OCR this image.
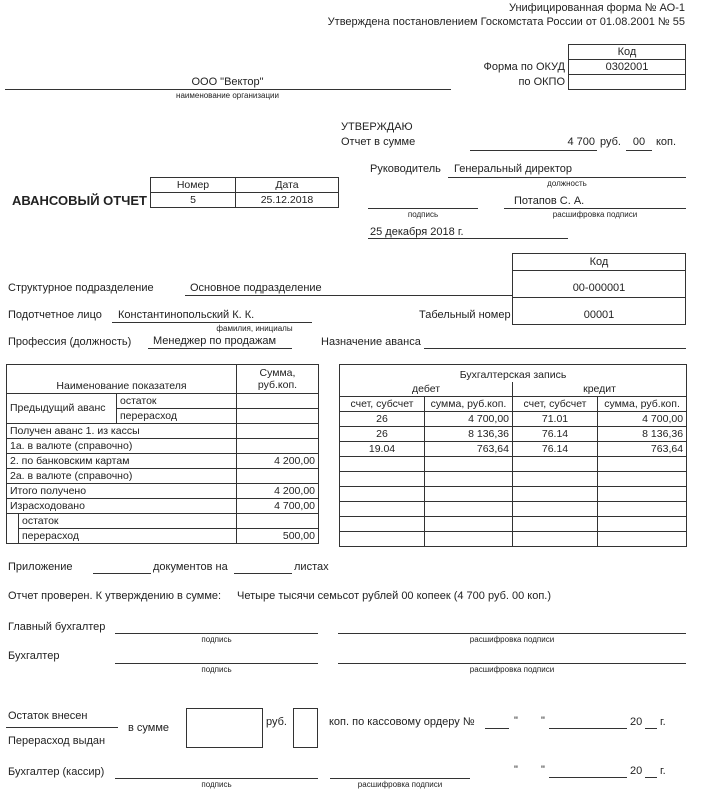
Унифицированная форма № АО-1
Утверждена постановлением Госкомстата России от 01.08.2001 № 55
Код
Форма по ОКУД	0302001
по ОКПО
ООО "Вектор"
наименование организации
УТВЕРЖДАЮ
Отчет в сумме	4 700 руб.	00 коп.
Руководитель Генеральный директор
должность
подпись
Потапов С. А.
расшифровка подписи
25 декабря 2018 г.
АВАНСОВЫЙ ОТЧЕТ
Номер	Дата
5	25.12.2018
Код
Структурное подразделение	Основное подразделение	00-000001
Подотчетное лицо Константинопольский К. К.
фамилия, инициалы
Табельный номер	00001
Профессия (должность) Менеджер по продажам	Назначение аванса
Наименование показателя			Сумма, руб.коп.
Предыдущий аванс		остаток	
		перерасход	
Получен аванс 1. из кассы			
1а. в валюте (справочно)			
2. по банковским картам			4 200,00
2а. в валюте (справочно)			
Итого получено			4 200,00
Израсходовано			4 700,00
	остаток		
	перерасход		500,00
Бухгалтерская запись			
дебет		кредит	
счет, субсчет	сумма, руб.коп.	счет, субсчет	сумма, руб.коп.
26	4 700,00	71.01	4 700,00
26	8 136,36	76.14	8 136,36
19.04	763,64	76.14	763,64

Приложение	документов на	листах
Отчет проверен. К утверждению в сумме: Четыре тысячи семьсот рублей 00 копеек (4 700 руб. 00 коп.)
Главный бухгалтер
подпись	расшифровка подписи
Бухгалтер
подпись	расшифровка подписи
Остаток внесен
Перерасход выдан
в сумме	руб.	коп. по кассовому ордеру №	" "	20 г.
Бухгалтер (кассир)
подпись	расшифровка подписи
" "	20 г.
